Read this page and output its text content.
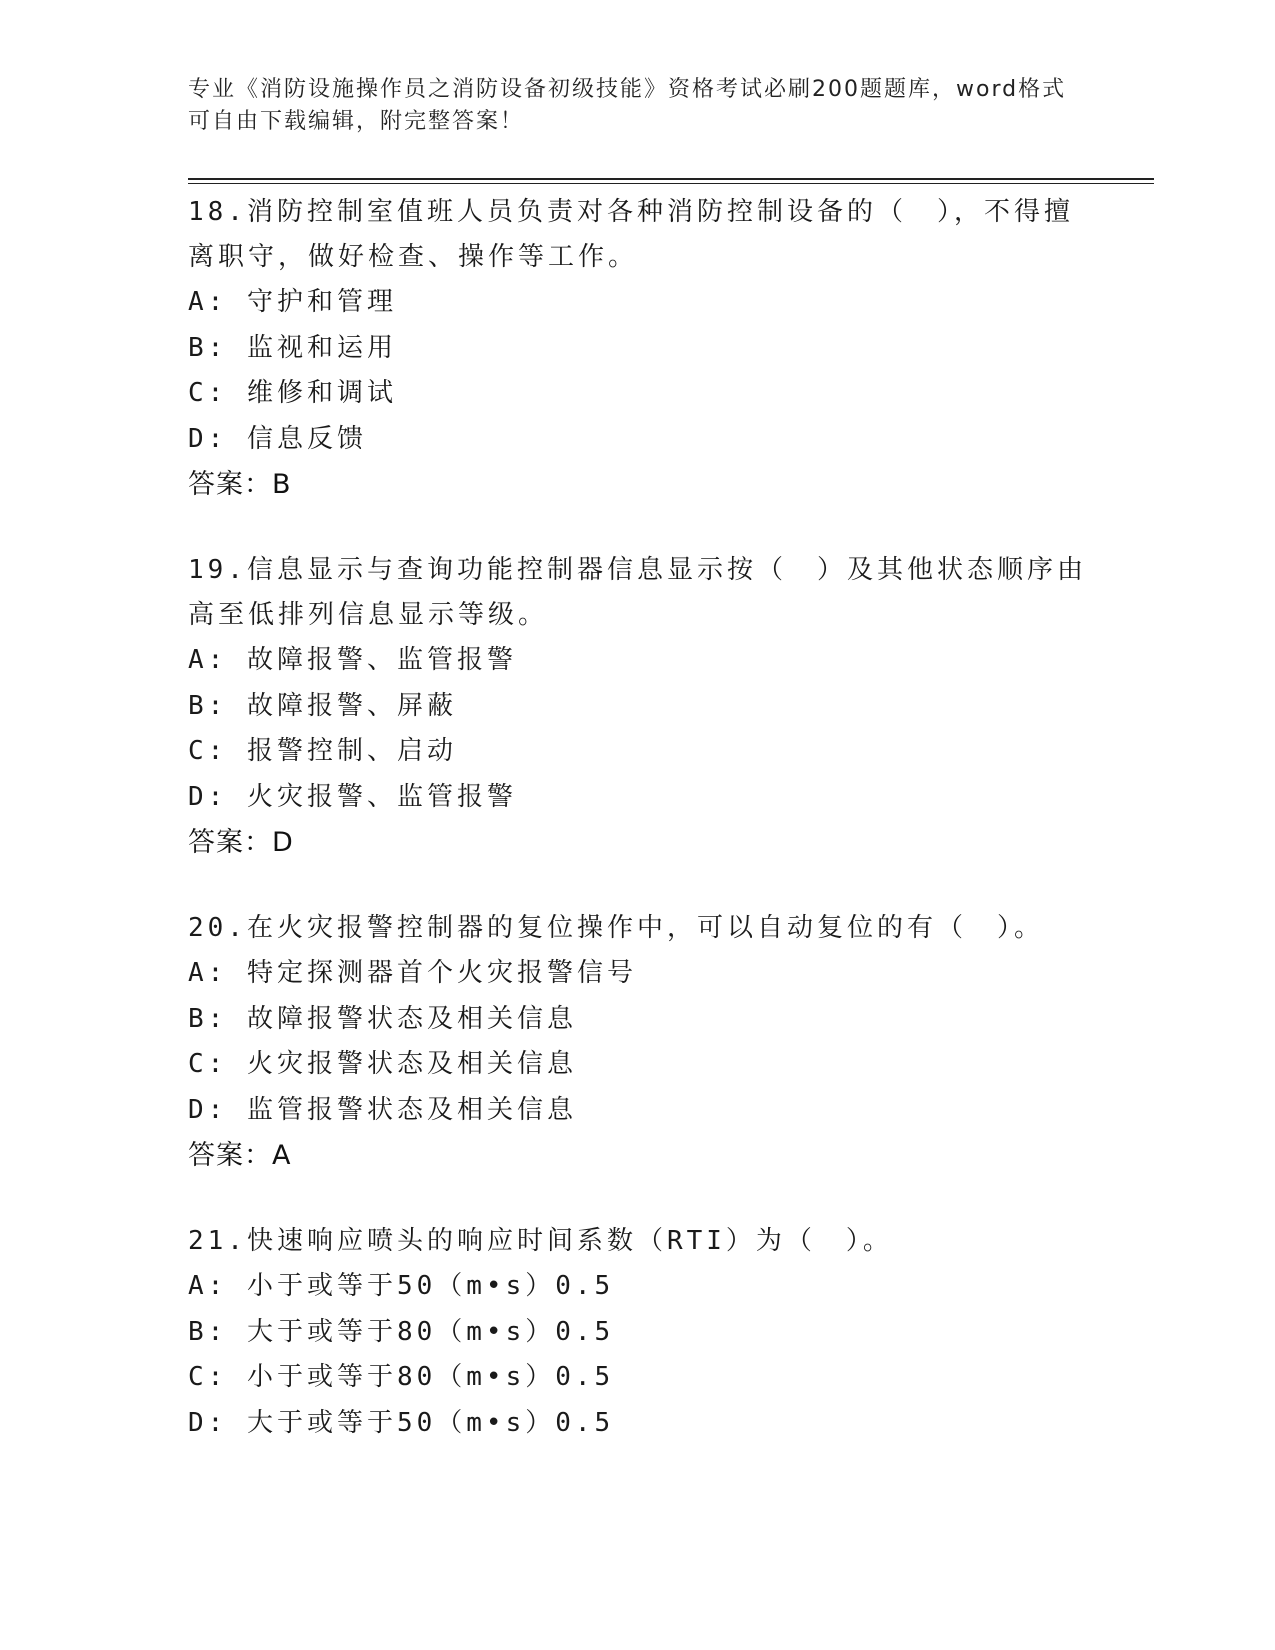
专业《消防设施操作员之消防设备初级技能》资格考试必刷200题题库，word格式可自由下载编辑，附完整答案！
18.消防控制室值班人员负责对各种消防控制设备的（　），不得擅离职守，做好检查、操作等工作。
A: 守护和管理
B: 监视和运用
C: 维修和调试
D: 信息反馈
答案：B
19.信息显示与查询功能控制器信息显示按（　）及其他状态顺序由高至低排列信息显示等级。
A: 故障报警、监管报警
B: 故障报警、屏蔽
C: 报警控制、启动
D: 火灾报警、监管报警
答案：D
20.在火灾报警控制器的复位操作中，可以自动复位的有（　）。
A: 特定探测器首个火灾报警信号
B: 故障报警状态及相关信息
C: 火灾报警状态及相关信息
D: 监管报警状态及相关信息
答案：A
21.快速响应喷头的响应时间系数（RTI）为（　）。
A: 小于或等于50（m•s）0.5
B: 大于或等于80（m•s）0.5
C: 小于或等于80（m•s）0.5
D: 大于或等于50（m•s）0.5
